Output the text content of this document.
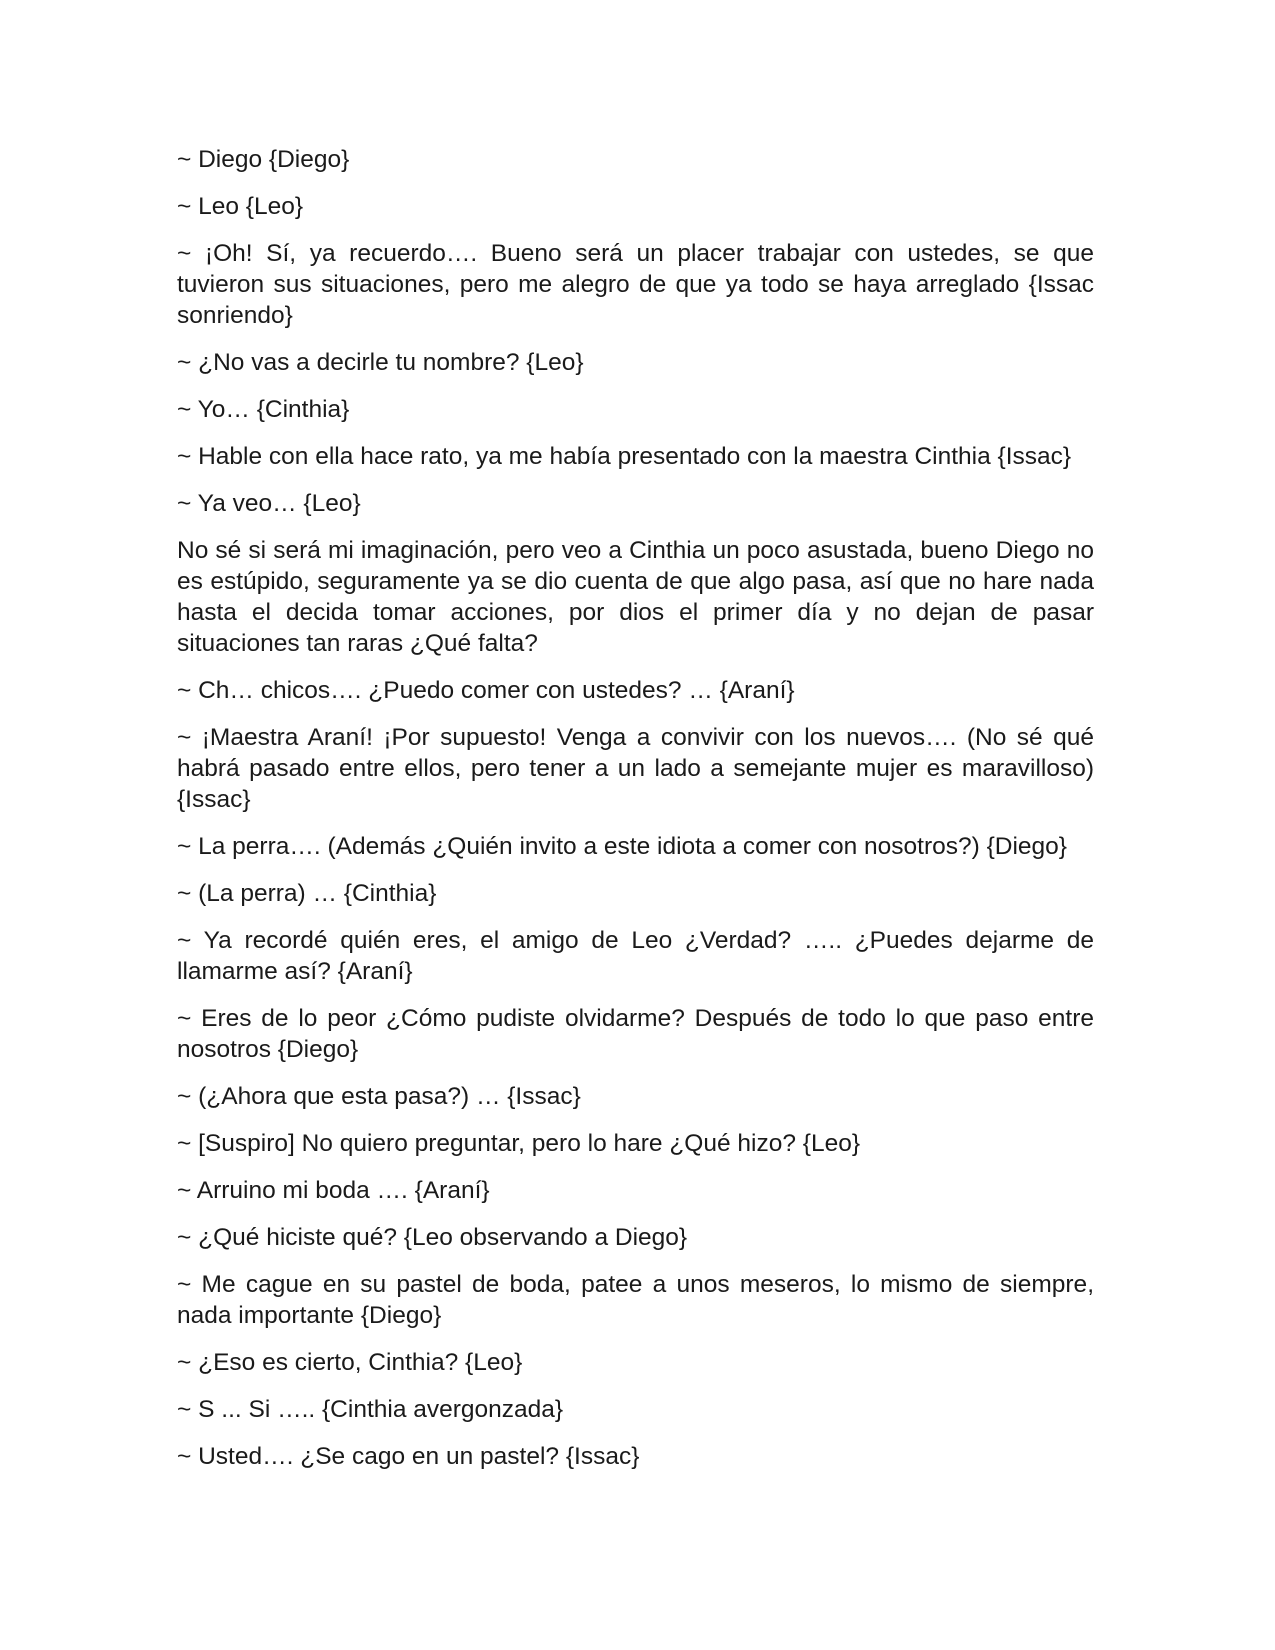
~ Diego {Diego}

~ Leo {Leo}

~ ¡Oh! Sí, ya recuerdo…. Bueno será un placer trabajar con ustedes, se que tuvieron sus situaciones, pero me alegro de que ya todo se haya arreglado {Issac sonriendo}

~ ¿No vas a decirle tu nombre? {Leo}

~ Yo… {Cinthia}

~ Hable con ella hace rato, ya me había presentado con la maestra Cinthia {Issac}

~ Ya veo… {Leo}

No sé si será mi imaginación, pero veo a Cinthia un poco asustada, bueno Diego no es estúpido, seguramente ya se dio cuenta de que algo pasa, así que no hare nada hasta el decida tomar acciones, por dios el primer día y no dejan de pasar situaciones tan raras ¿Qué falta?

~ Ch… chicos…. ¿Puedo comer con ustedes? … {Araní}

~ ¡Maestra Araní! ¡Por supuesto! Venga a convivir con los nuevos…. (No sé qué habrá pasado entre ellos, pero tener a un lado a semejante mujer es maravilloso) {Issac}

~ La perra…. (Además ¿Quién invito a este idiota a comer con nosotros?) {Diego}

~ (La perra) … {Cinthia}

~ Ya recordé quién eres, el amigo de Leo ¿Verdad? ….. ¿Puedes dejarme de llamarme así? {Araní}

~ Eres de lo peor ¿Cómo pudiste olvidarme? Después de todo lo que paso entre nosotros {Diego}

~ (¿Ahora que esta pasa?) … {Issac}

~ [Suspiro] No quiero preguntar, pero lo hare ¿Qué hizo? {Leo}

~ Arruino mi boda …. {Araní}

~ ¿Qué hiciste qué? {Leo observando a Diego}

~ Me cague en su pastel de boda, patee a unos meseros, lo mismo de siempre, nada importante {Diego}

~ ¿Eso es cierto, Cinthia? {Leo}

~ S ... Si ….. {Cinthia avergonzada}

~ Usted…. ¿Se cago en un pastel? {Issac}
